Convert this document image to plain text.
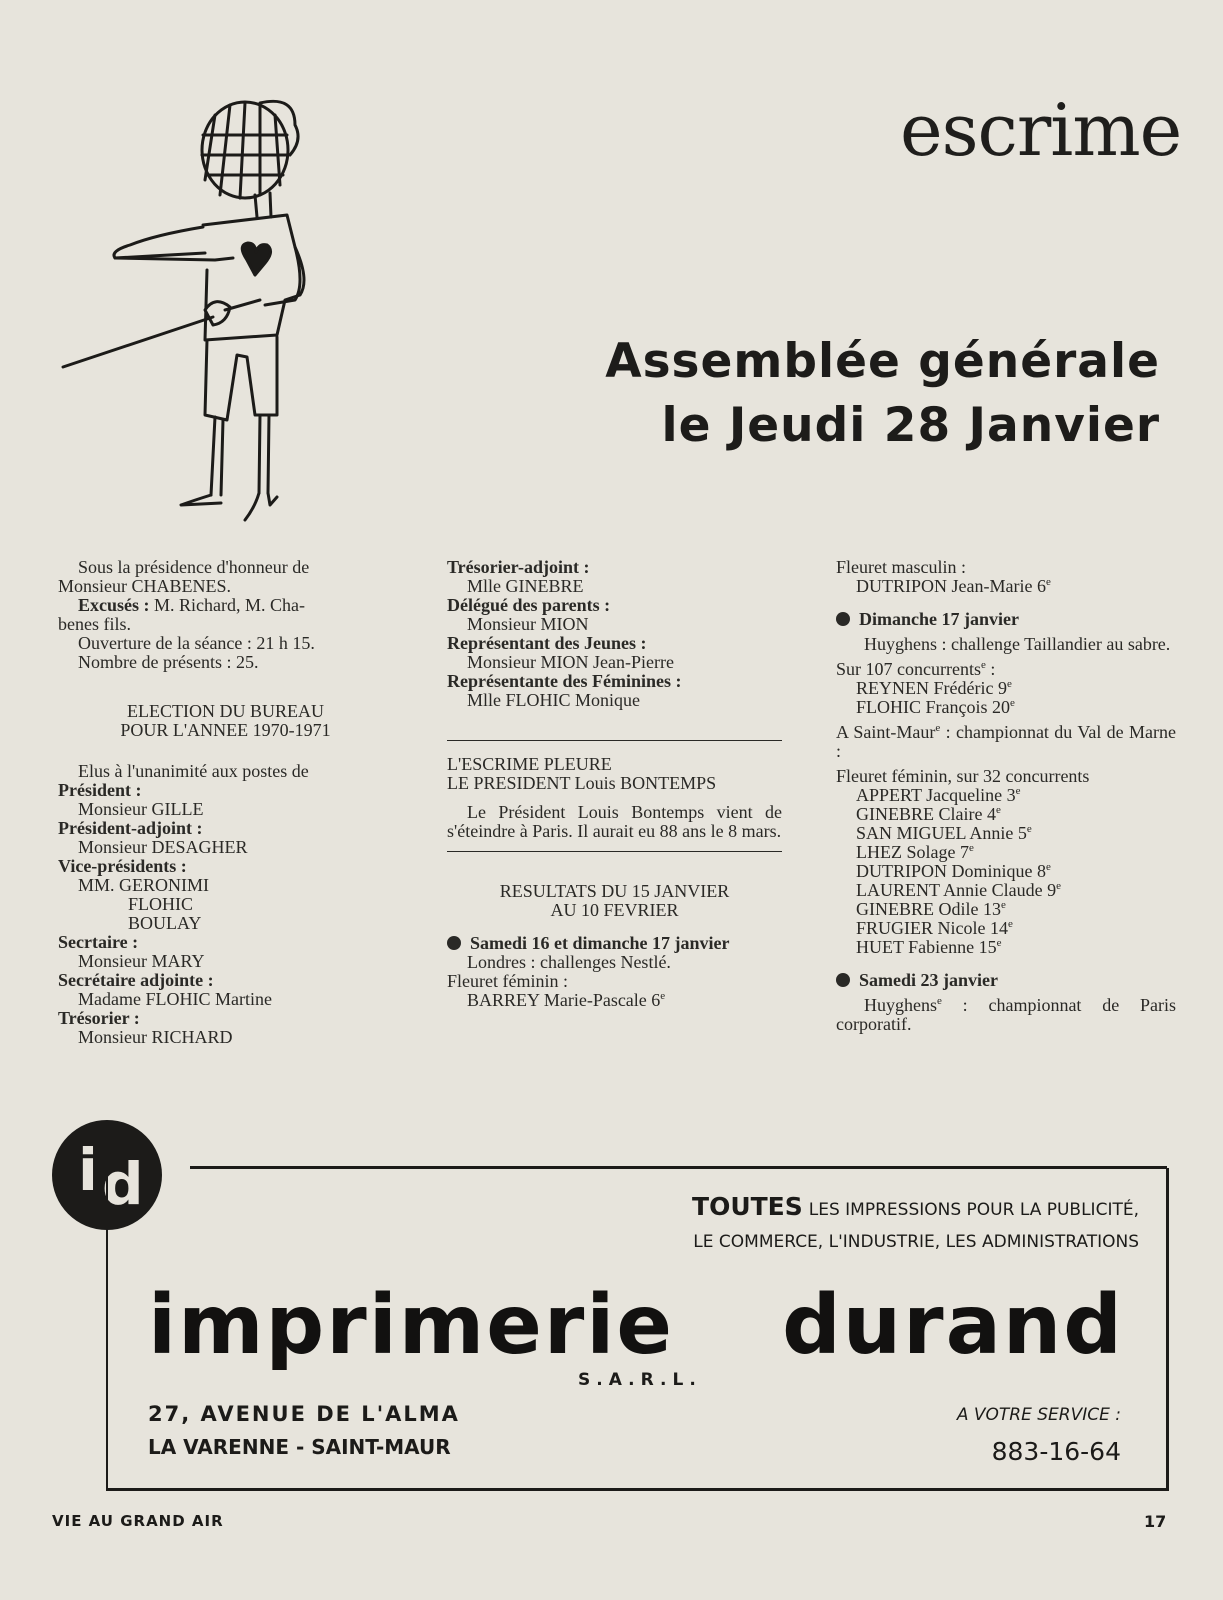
escrime
Assemblée générale
le Jeudi 28 Janvier

Sous la présidence d'honneur de

Monsieur CHABENES.

Excusés : M. Richard, M. Cha-

benes fils.

Ouverture de la séance : 21 h 15.

Nombre de présents : 25.

ELECTION DU BUREAU

POUR L'ANNEE 1970-1971

Elus à l'unanimité aux postes de

Président :

Monsieur GILLE

Président-adjoint :

Monsieur DESAGHER

Vice-présidents :

MM. GERONIMI

FLOHIC

BOULAY

Secrtaire :

Monsieur MARY

Secrétaire adjointe :

Madame FLOHIC Martine

Trésorier :

Monsieur RICHARD

Trésorier-adjoint :

Mlle GINEBRE

Délégué des parents :

Monsieur MION

Représentant des Jeunes :

Monsieur MION Jean-Pierre

Représentante des Féminines :

Mlle FLOHIC Monique

L'ESCRIME PLEURE

LE PRESIDENT Louis BONTEMPS

Le Président Louis Bontemps vient de s'éteindre à Paris. Il aurait eu 88 ans le 8 mars.

RESULTATS DU 15 JANVIER

AU 10 FEVRIER

Samedi 16 et dimanche 17 janvier

Londres : challenges Nestlé.

Fleuret féminin :

BARREY Marie-Pascale 6e

Fleuret masculin :

DUTRIPON Jean-Marie 6e

Dimanche 17 janvier

Huyghens : challenge Taillandier au sabre.

Sur 107 concurrents$^e$ :

REYNEN Frédéric 9e

FLOHIC François 20e

A Saint-Maur$^e$ : championnat du Val de Marne :

Fleuret féminin, sur 32 concurrents

APPERT Jacqueline 3e

GINEBRE Claire 4e

SAN MIGUEL Annie 5e

LHEZ Solage 7e

DUTRIPON Dominique 8e

LAURENT Annie Claude 9e

GINEBRE Odile 13e

FRUGIER Nicole 14e

HUET Fabienne 15e

Samedi 23 janvier

Huyghens$^e$ : championnat de Paris corporatif.

i d	TOUTES LES IMPRESSIONS POUR LA PUBLICITÉ,
LE COMMERCE, L'INDUSTRIE, LES ADMINISTRATIONS
imprimerie durand
S.A.R.L.
27, AVENUE DE L'ALMA
LA VARENNE - SAINT-MAUR
A VOTRE SERVICE :
883-16-64
VIE AU GRAND AIR	17
